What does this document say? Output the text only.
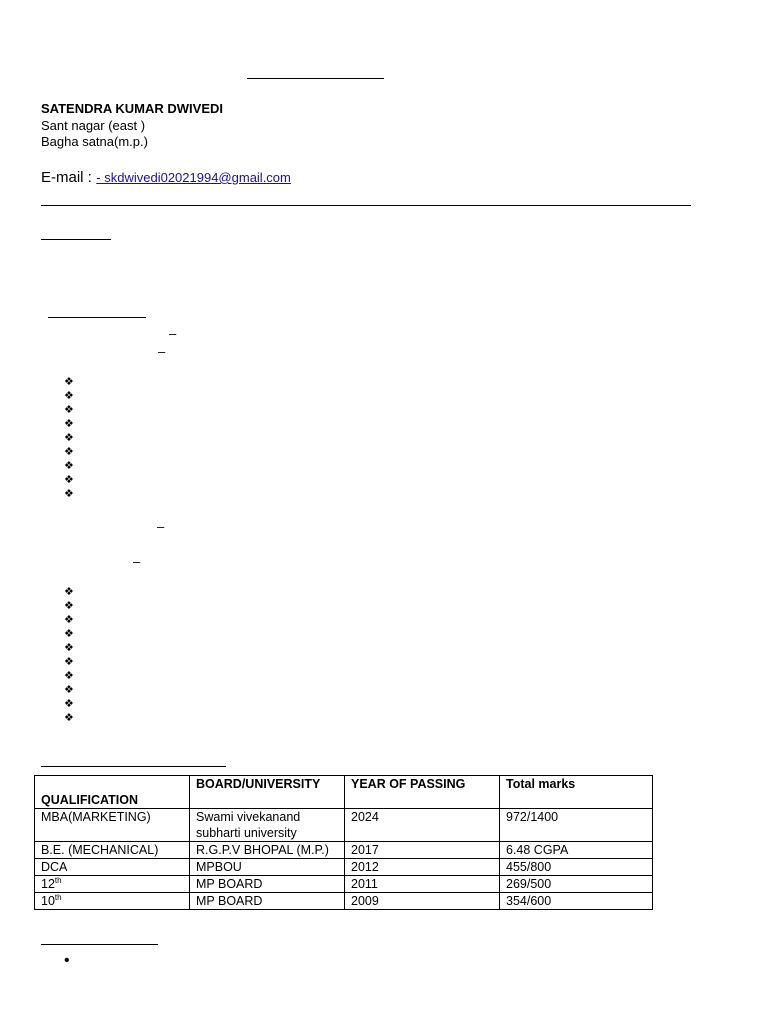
SATENDRA KUMAR DWIVEDI
Sant nagar (east )
Bagha satna(m.p.)
E-mail : - skdwivedi02021994@gmail.com
–
–
❖
❖
❖
❖
❖
❖
❖
❖
❖
–
–
❖
❖
❖
❖
❖
❖
❖
❖
❖
❖
QUALIFICATION	BOARD/UNIVERSITY	YEAR OF PASSING	Total marks
MBA(MARKETING)	Swami vivekanand subharti university	2024	972/1400
B.E. (MECHANICAL)	R.G.P.V BHOPAL (M.P.)	2017	6.48 CGPA
DCA	MPBOU	2012	455/800
12th	MP BOARD	2011	269/500
10th	MP BOARD	2009	354/600
•
